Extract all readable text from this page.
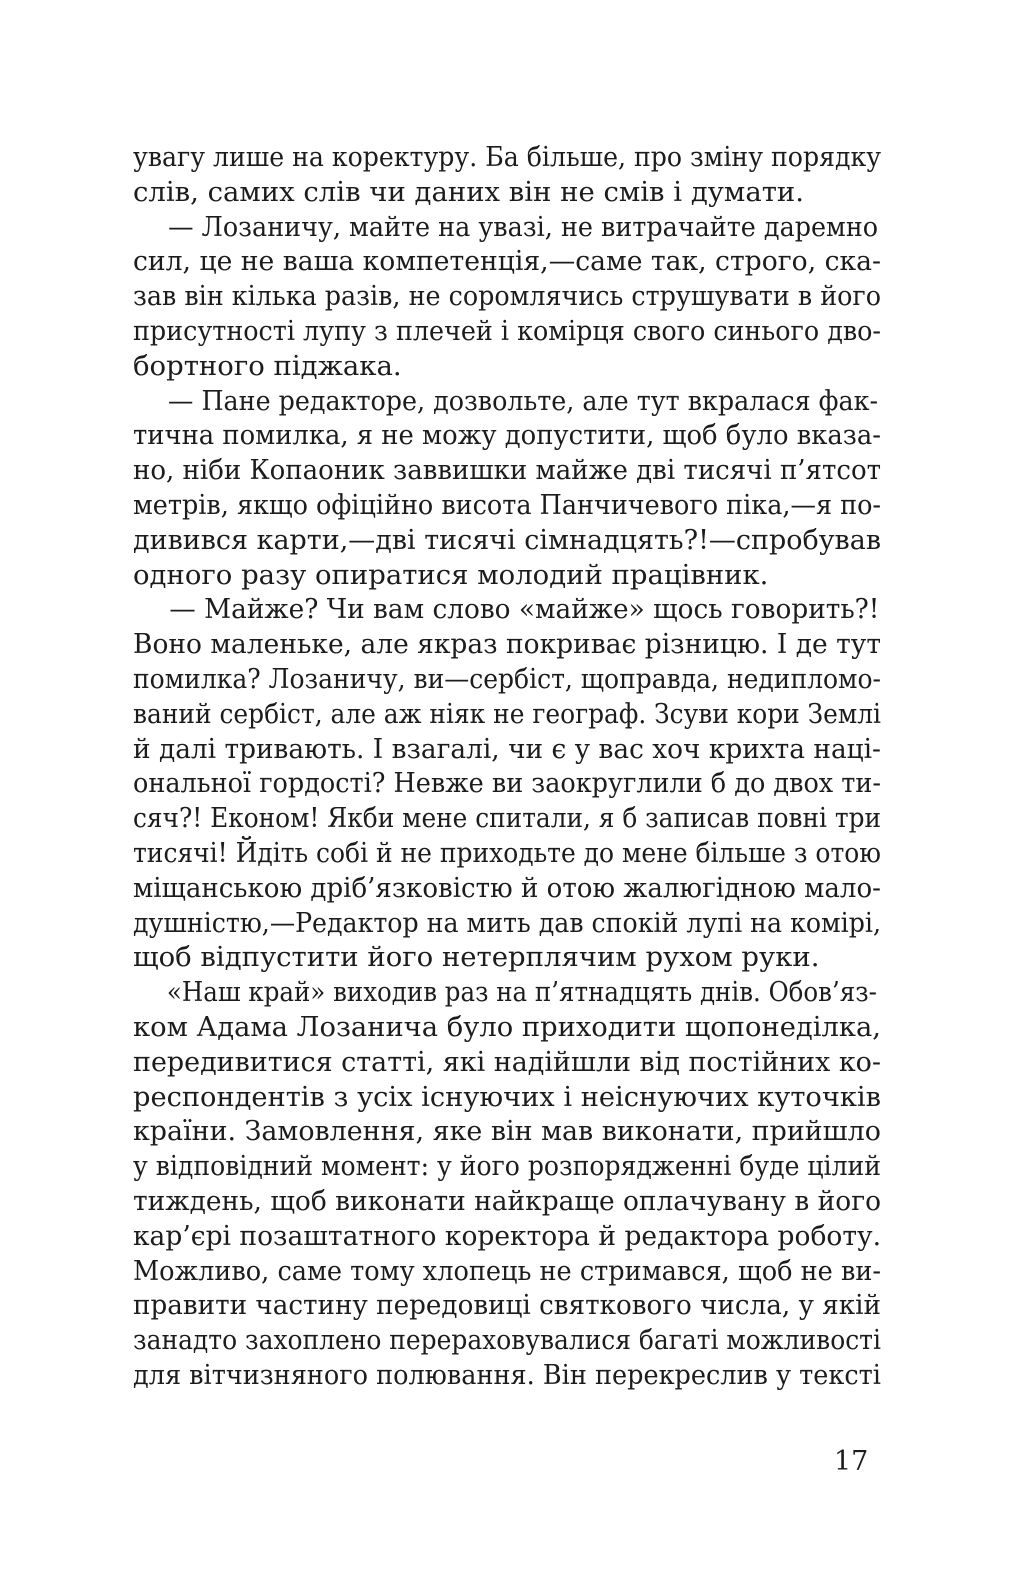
увагу лише на коректуру. Ба більше, про зміну порядку
слів, самих слів чи даних він не смів і думати.
— Лозаничу, майте на увазі, не витрачайте даремно
сил, це не ваша компетенція,—саме так, строго, ска-
зав він кілька разів, не соромлячись струшувати в його
присутності лупу з плечей і комірця свого синього дво-
бортного піджака.
— Пане редакторе, дозвольте, але тут вкралася фак-
тична помилка, я не можу допустити, щоб було вказа-
но, ніби Копаоник заввишки майже дві тисячі п’ятсот
метрів, якщо офіційно висота Панчичевого піка,—я по-
дивився карти,—дві тисячі сімнадцять?!—спробував
одного разу опиратися молодий працівник.
— Майже? Чи вам слово «майже» щось говорить?!
Воно маленьке, але якраз покриває різницю. І де тут
помилка? Лозаничу, ви—сербіст, щоправда, недипломо-
ваний сербіст, але аж ніяк не географ. Зсуви кори Землі
й далі тривають. І взагалі, чи є у вас хоч крихта наці-
ональної гордості? Невже ви заокруглили б до двох ти-
сяч?! Економ! Якби мене спитали, я б записав повні три
тисячі! Йдіть собі й не приходьте до мене більше з отою
міщанською дріб’язковістю й отою жалюгідною мало-
душністю,—Редактор на мить дав спокій лупі на комірі,
щоб відпустити його нетерплячим рухом руки.
«Наш край» виходив раз на п’ятнадцять днів. Обов’яз-
ком Адама Лозанича було приходити щопонеділка,
передивитися статті, які надійшли від постійних ко-
респондентів з усіх існуючих і неіснуючих куточків
країни. Замовлення, яке він мав виконати, прийшло
у відповідний момент: у його розпорядженні буде цілий
тиждень, щоб виконати найкраще оплачувану в його
кар’єрі позаштатного коректора й редактора роботу.
Можливо, саме тому хлопець не стримався, щоб не ви-
правити частину передовиці святкового числа, у якій
занадто захоплено перераховувалися багаті можливості
для вітчизняного полювання. Він перекреслив у тексті
17
